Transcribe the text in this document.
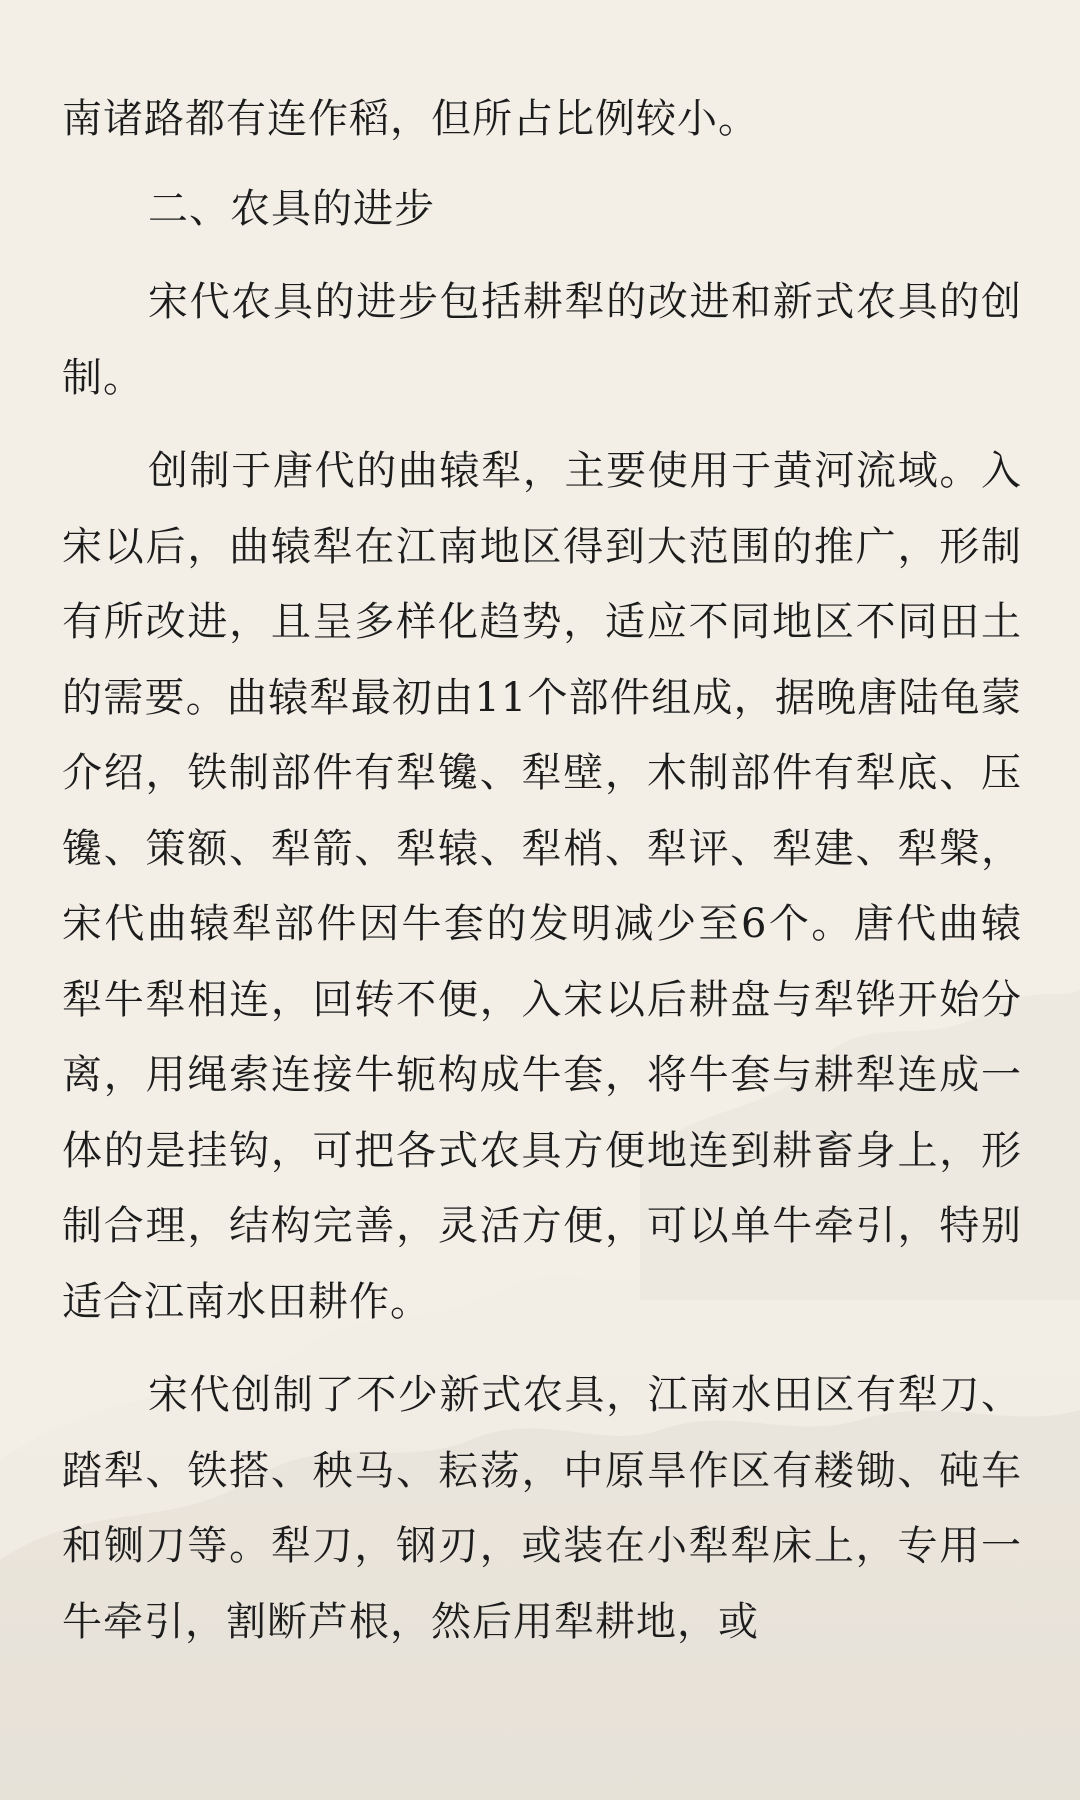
南诸路都有连作稻，但所占比例较小。

二、农具的进步

宋代农具的进步包括耕犁的改进和新式农具的创制。

创制于唐代的曲辕犁，主要使用于黄河流域。入宋以后，曲辕犁在江南地区得到大范围的推广，形制有所改进，且呈多样化趋势，适应不同地区不同田土的需要。曲辕犁最初由11个部件组成，据晚唐陆龟蒙介绍，铁制部件有犁镵、犁壁，木制部件有犁底、压镵、策额、犁箭、犁辕、犁梢、犁评、犁建、犁槃，宋代曲辕犁部件因牛套的发明减少至6个。唐代曲辕犁牛犁相连，回转不便，入宋以后耕盘与犁铧开始分离，用绳索连接牛轭构成牛套，将牛套与耕犁连成一体的是挂钩，可把各式农具方便地连到耕畜身上，形制合理，结构完善，灵活方便，可以单牛牵引，特别适合江南水田耕作。

宋代创制了不少新式农具，江南水田区有犁刀、踏犁、铁搭、秧马、耘荡，中原旱作区有耧锄、砘车和铡刀等。犁刀，钢刃，或装在小犁犁床上，专用一牛牵引，割断芦根，然后用犁耕地，或
